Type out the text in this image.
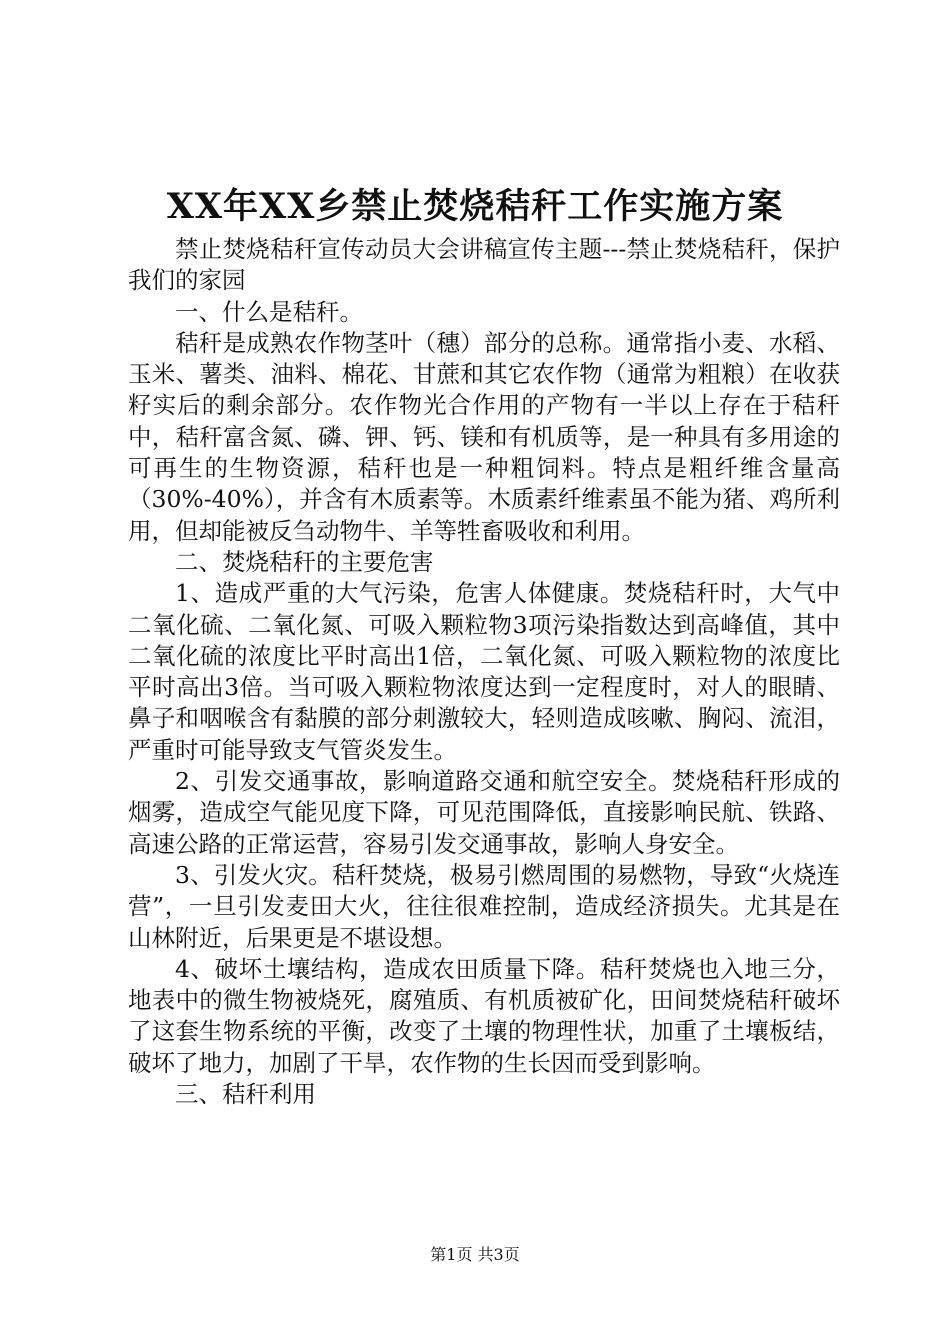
XX年XX乡禁止焚烧秸秆工作实施方案

禁止焚烧秸秆宣传动员大会讲稿宣传主题---禁止焚烧秸秆，保护我们的家园

一、什么是秸秆。

秸秆是成熟农作物茎叶（穗）部分的总称。通常指小麦、水稻、玉米、薯类、油料、棉花、甘蔗和其它农作物（通常为粗粮）在收获籽实后的剩余部分。农作物光合作用的产物有一半以上存在于秸秆中，秸秆富含氮、磷、钾、钙、镁和有机质等，是一种具有多用途的可再生的生物资源，秸秆也是一种粗饲料。特点是粗纤维含量高（30%-40%），并含有木质素等。木质素纤维素虽不能为猪、鸡所利用，但却能被反刍动物牛、羊等牲畜吸收和利用。

二、焚烧秸秆的主要危害

1、造成严重的大气污染，危害人体健康。焚烧秸秆时，大气中二氧化硫、二氧化氮、可吸入颗粒物3项污染指数达到高峰值，其中二氧化硫的浓度比平时高出1倍，二氧化氮、可吸入颗粒物的浓度比平时高出3倍。当可吸入颗粒物浓度达到一定程度时，对人的眼睛、鼻子和咽喉含有黏膜的部分刺激较大，轻则造成咳嗽、胸闷、流泪，严重时可能导致支气管炎发生。

2、引发交通事故，影响道路交通和航空安全。焚烧秸秆形成的烟雾，造成空气能见度下降，可见范围降低，直接影响民航、铁路、高速公路的正常运营，容易引发交通事故，影响人身安全。

3、引发火灾。秸秆焚烧，极易引燃周围的易燃物，导致“火烧连营”，一旦引发麦田大火，往往很难控制，造成经济损失。尤其是在山林附近，后果更是不堪设想。

4、破坏土壤结构，造成农田质量下降。秸秆焚烧也入地三分，地表中的微生物被烧死，腐殖质、有机质被矿化，田间焚烧秸秆破坏了这套生物系统的平衡，改变了土壤的物理性状，加重了土壤板结，破坏了地力，加剧了干旱，农作物的生长因而受到影响。

三、秸秆利用

第1页 共3页
